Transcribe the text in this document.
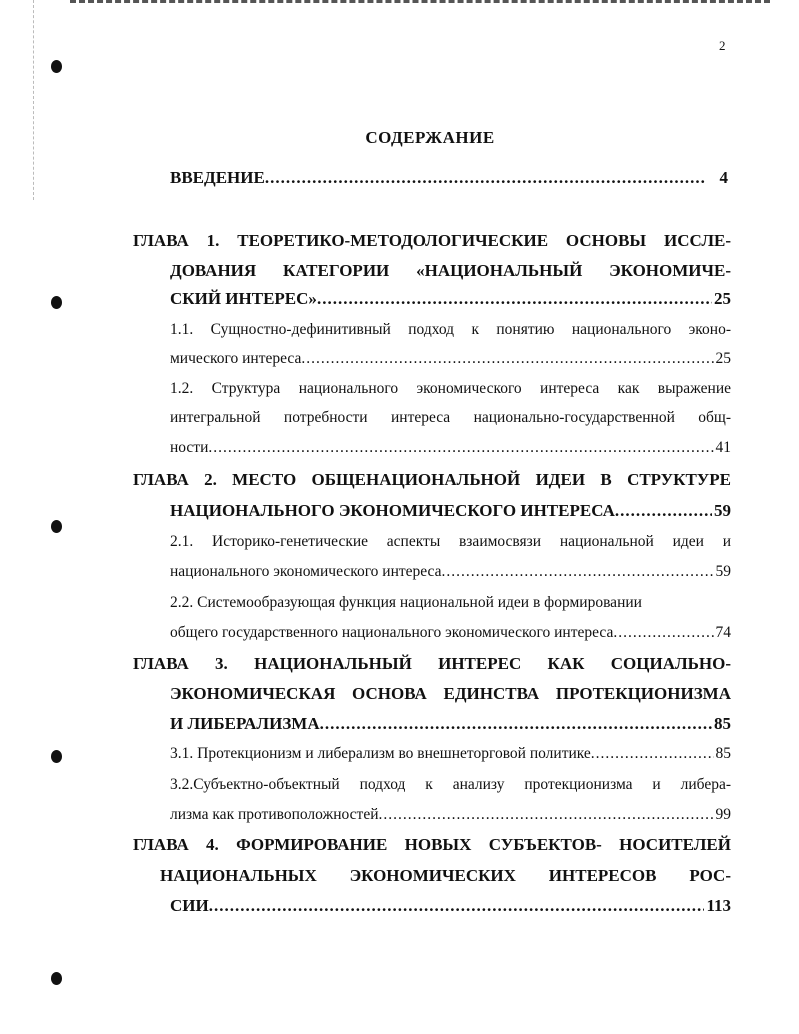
2
СОДЕРЖАНИЕ
ВВЕДЕНИЕ .....	4
ГЛАВА 1. ТЕОРЕТИКО-МЕТОДОЛОГИЧЕСКИЕ ОСНОВЫ ИССЛЕ-
ДОВАНИЯ КАТЕГОРИИ «НАЦИОНАЛЬНЫЙ ЭКОНОМИЧЕ-
СКИЙ ИНТЕРЕС» .....	25
1.1. Сущностно-дефинитивный подход к понятию национального эконо-
мического интереса .....	25
1.2. Структура национального экономического интереса как выражение
интегральной потребности интереса национально-государственной общ-
ности .....	41
ГЛАВА 2. МЕСТО ОБЩЕНАЦИОНАЛЬНОЙ ИДЕИ В СТРУКТУРЕ
НАЦИОНАЛЬНОГО ЭКОНОМИЧЕСКОГО ИНТЕРЕСА .....	59
2.1. Историко-генетические аспекты взаимосвязи национальной идеи и
национального экономического интереса .....	59
2.2. Системообразующая функция национальной идеи в формировании
общего государственного национального экономического интереса .....	74
ГЛАВА 3. НАЦИОНАЛЬНЫЙ ИНТЕРЕС КАК СОЦИАЛЬНО-
ЭКОНОМИЧЕСКАЯ ОСНОВА ЕДИНСТВА ПРОТЕКЦИОНИЗМА
И ЛИБЕРАЛИЗМА .....	85
3.1. Протекционизм и либерализм во внешнеторговой политике .....	85
3.2.Субъектно-объектный подход к анализу протекционизма и либера-
лизма как противоположностей .....	99
ГЛАВА 4. ФОРМИРОВАНИЕ НОВЫХ СУБЪЕКТОВ- НОСИТЕЛЕЙ
НАЦИОНАЛЬНЫХ ЭКОНОМИЧЕСКИХ ИНТЕРЕСОВ РОС-
СИИ .....	113
